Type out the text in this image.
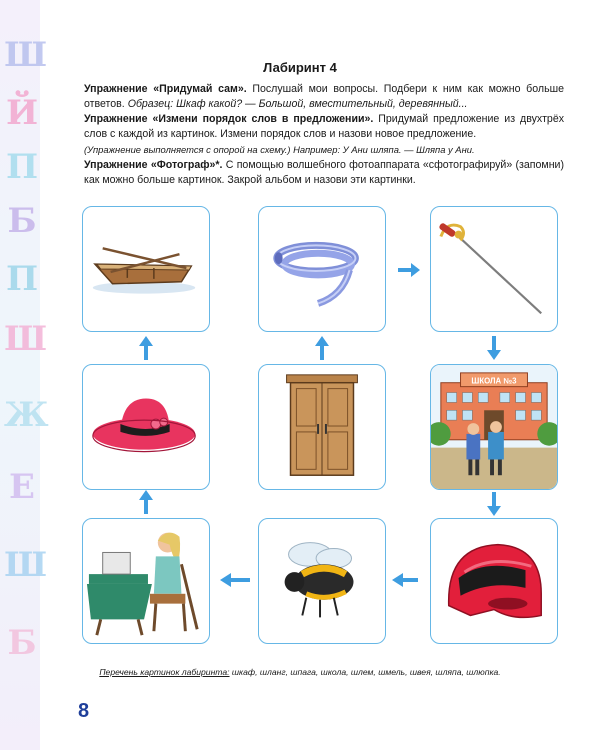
Ш
Й
П
Б
П
Ш
Ж
Е
Ш
Б
Лабиринт 4

Упражнение «Придумай сам». Послушай мои вопросы. Подбери к ним как можно больше ответов. Образец: Шкаф какой? — Большой, вместительный, деревянный...

Упражнение «Измени порядок слов в предложении». Придумай предложение из двухтрёх слов с каждой из картинок. Измени порядок слов и назови новое предложение.
(Упражнение выполняется с опорой на схему.) Например: У Ани шляпа. — Шляпа у Ани.

Упражнение «Фотограф»*. С помощью волшебного фотоаппарата «сфотографируй» (запомни) как можно больше картинок. Закрой альбом и назови эти картинки.

ШКОЛА №3
Перечень картинок лабиринта: шкаф, шланг, шпага, школа, шлем, шмель, швея, шляпа, шлюпка.
8
